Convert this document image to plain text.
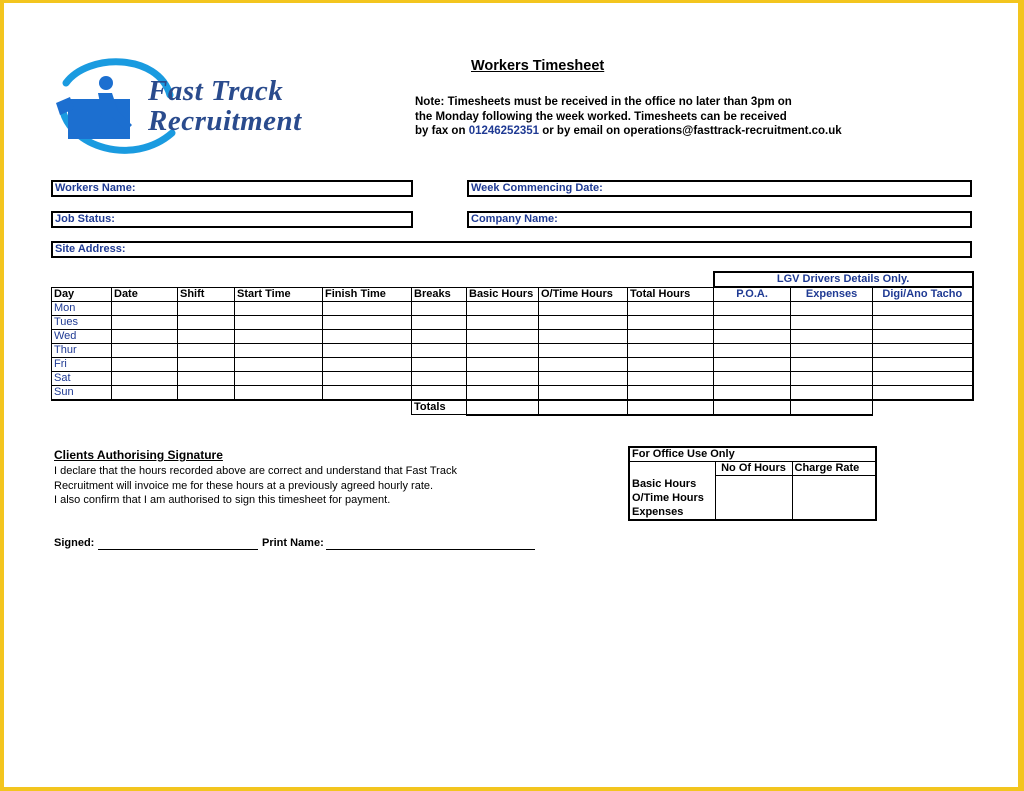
Fast Track
Recruitment
Workers Timesheet
Note: Timesheets must be received in the office no later than 3pm on
the Monday following the week worked. Timesheets can be received
by fax on 01246252351 or by email on operations@fasttrack-recruitment.co.uk
Workers Name:	Week Commencing Date:
Job Status:	Company Name:
Site Address:
									LGV Drivers Details Only.		
Day	Date	Shift	Start Time	Finish Time	Breaks	Basic Hours	O/Time Hours	Total Hours	P.O.A.	Expenses	Digi/Ano Tacho
Mon											
Tues											
Wed											
Thur											
Fri											
Sat											
Sun											
					Totals						
Clients Authorising Signature
I declare that the hours recorded above are correct and understand that Fast Track
Recruitment will invoice me for these hours at a previously agreed hourly rate.
I also confirm that I am authorised to sign this timesheet for payment.
Signed:	Print Name:
For Office Use Only		
	No Of Hours	Charge Rate

Basic Hours
O/Time Hours
Expenses		
